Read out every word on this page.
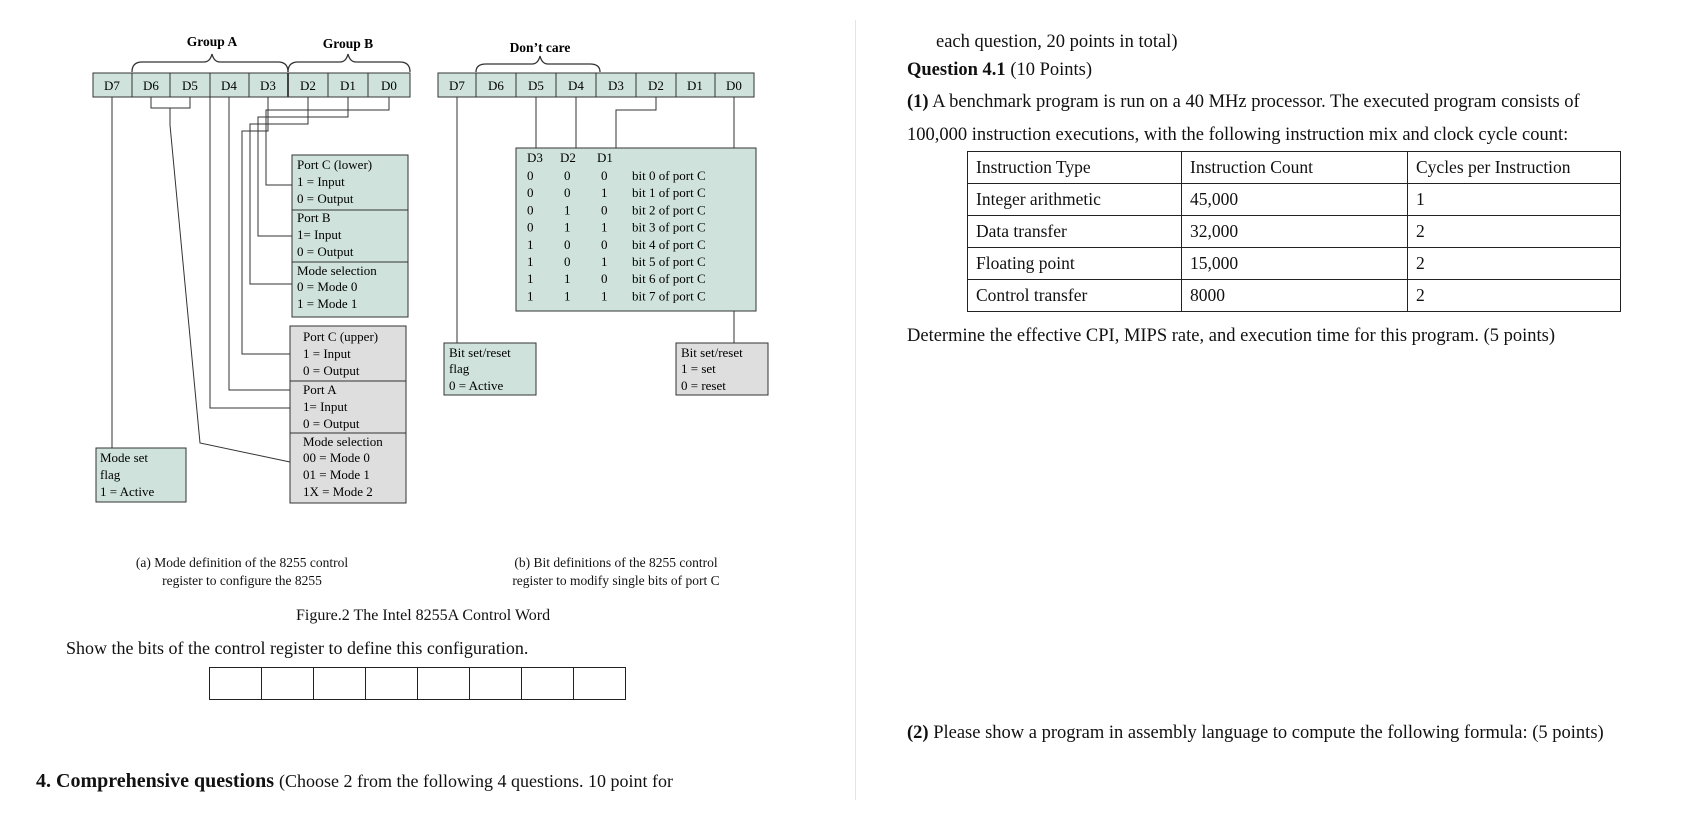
Group A	Group B	Don’t care
D7 D6 D5 D4 D3 D2 D1 D0	D7 D6 D5 D4 D3 D2 D1 D0
Port C (lower)
1 = Input
0 = Output
Port B
1= Input
0 = Output
Mode selection
0 = Mode 0
1 = Mode 1
Port C (upper)
1 = Input
0 = Output
Port A
1= Input
0 = Output
Mode selection
00 = Mode 0
01 = Mode 1
1X = Mode 2
Mode set
flag
1 = Active
D3 D2 D1
0 0 0 bit 0 of port C
0 0 1 bit 1 of port C
0 1 0 bit 2 of port C
0 1 1 bit 3 of port C
1 0 0 bit 4 of port C
1 0 1 bit 5 of port C
1 1 0 bit 6 of port C
1 1 1 bit 7 of port C
Bit set/reset
flag
0 = Active
Bit set/reset
1 = set
0 = reset
(a) Mode definition of the 8255 control
register to configure the 8255
(b) Bit definitions of the 8255 control
register to modify single bits of port C
Figure.2 The Intel 8255A Control Word
Show the bits of the control register to define this configuration.
4. Comprehensive questions (Choose 2 from the following 4 questions. 10 point for
each question, 20 points in total)
Question 4.1 (10 Points)
(1) A benchmark program is run on a 40 MHz processor. The executed program consists of
100,000 instruction executions, with the following instruction mix and clock cycle count:
Instruction Type	Instruction Count	Cycles per Instruction
Integer arithmetic	45,000	1
Data transfer	32,000	2
Floating point	15,000	2
Control transfer	8000	2
Determine the effective CPI, MIPS rate, and execution time for this program. (5 points)
(2) Please show a program in assembly language to compute the following formula: (5 points)
